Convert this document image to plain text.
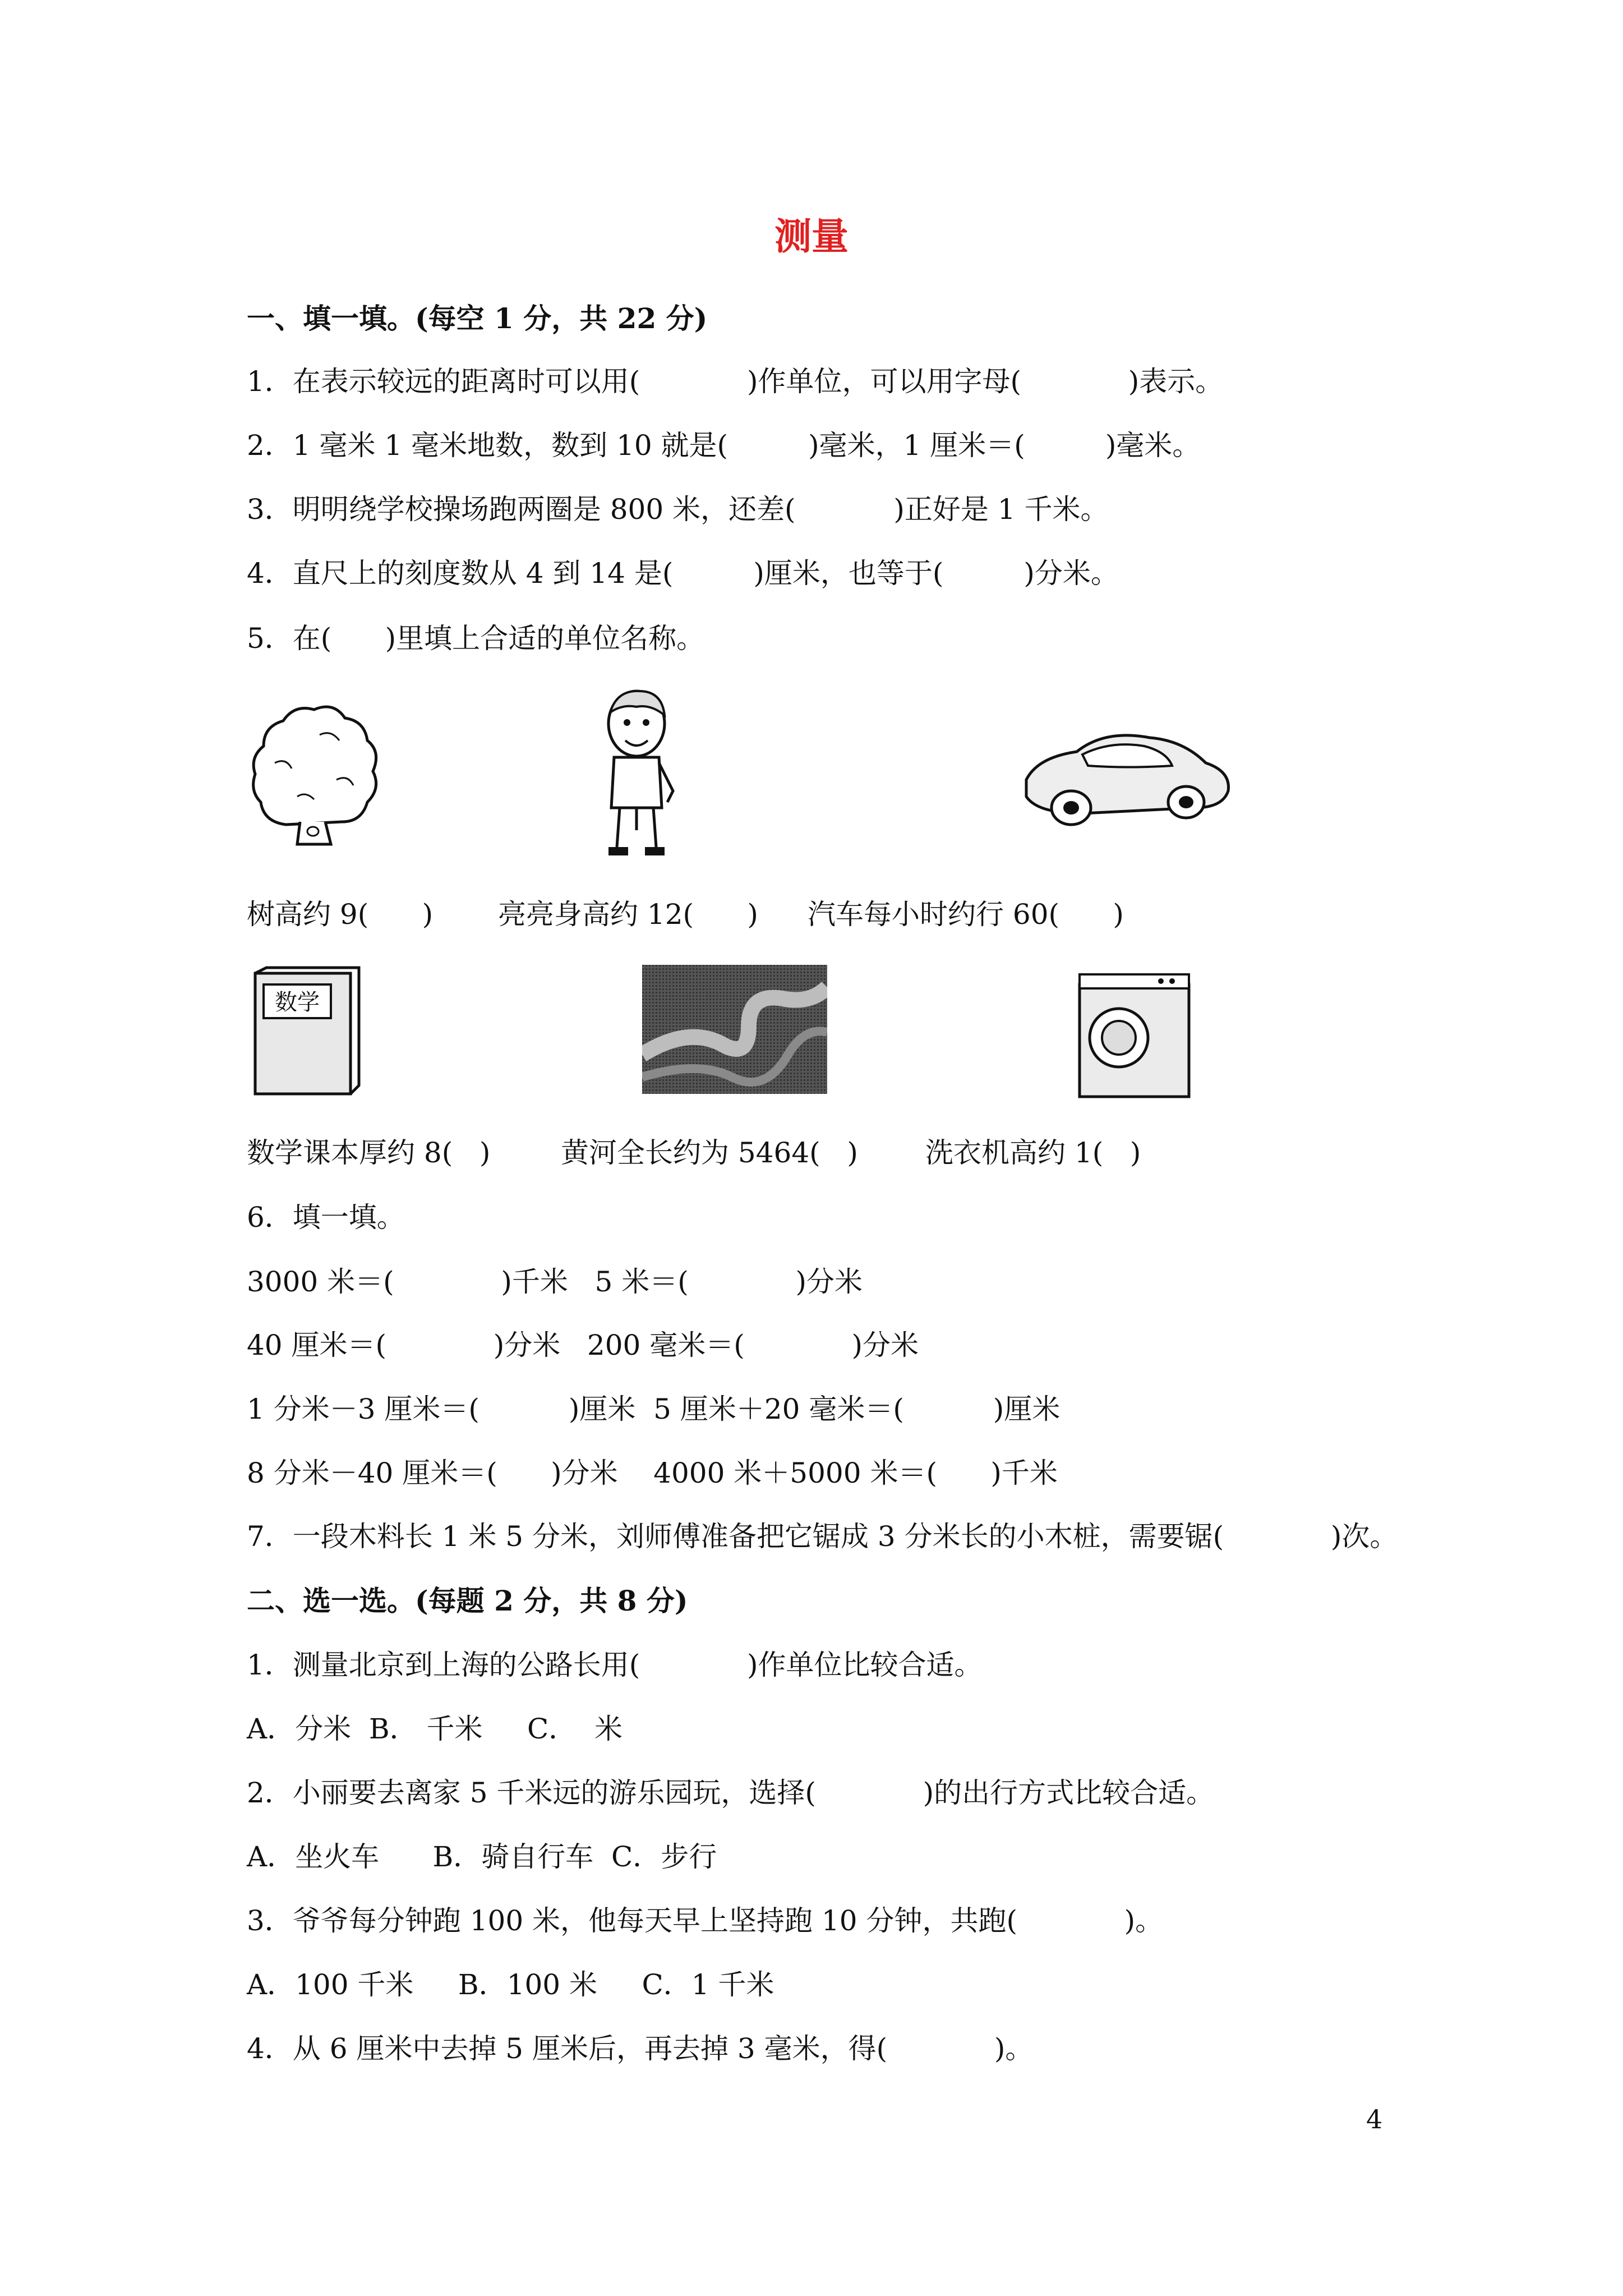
测量
一、填一填。(每空 1 分，共 22 分)
1．在表示较远的距离时可以用(            )作单位，可以用字母(            )表示。
2．1 毫米 1 毫米地数，数到 10 就是(         )毫米，1 厘米＝(         )毫米。
3．明明绕学校操场跑两圈是 800 米，还差(           )正好是 1 千米。
4．直尺上的刻度数从 4 到 14 是(         )厘米，也等于(         )分米。
5．在(      )里填上合适的单位名称。
树高约 9(      ) 亮亮身高约 12(      ) 汽车每小时约行 60(      )
数学
数学课本厚约 8(   )	黄河全长约为 5464(   ) 洗衣机高约 1(   )
6．填一填。
3000 米＝(            )千米   5 米＝(            )分米
40 厘米＝(            )分米   200 毫米＝(            )分米
1 分米－3 厘米＝(          )厘米  5 厘米＋20 毫米＝(          )厘米
8 分米－40 厘米＝(      )分米    4000 米＋5000 米＝(      )千米
7．一段木料长 1 米 5 分米，刘师傅准备把它锯成 3 分米长的小木桩，需要锯(            )次。
二、选一选。(每题 2 分，共 8 分)
1．测量北京到上海的公路长用(            )作单位比较合适。
A．分米  B． 千米     C．  米
2．小丽要去离家 5 千米远的游乐园玩，选择(            )的出行方式比较合适。
A．坐火车      B．骑自行车  C．步行
3．爷爷每分钟跑 100 米，他每天早上坚持跑 10 分钟，共跑(            )。
A．100 千米     B．100 米     C．1 千米
4．从 6 厘米中去掉 5 厘米后，再去掉 3 毫米，得(            )。
4
